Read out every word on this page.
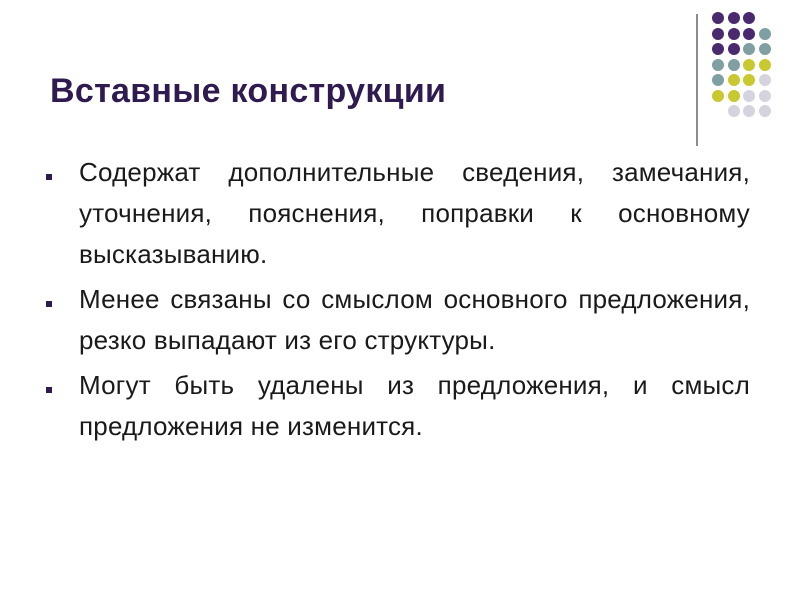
Вставные конструкции
Содержат дополнительные сведения, замечания, уточнения, пояснения, поправки к основному высказыванию.
Менее связаны со смыслом основного предложения, резко выпадают из его структуры.
Могут быть удалены из предложения, и смысл предложения не изменится.
